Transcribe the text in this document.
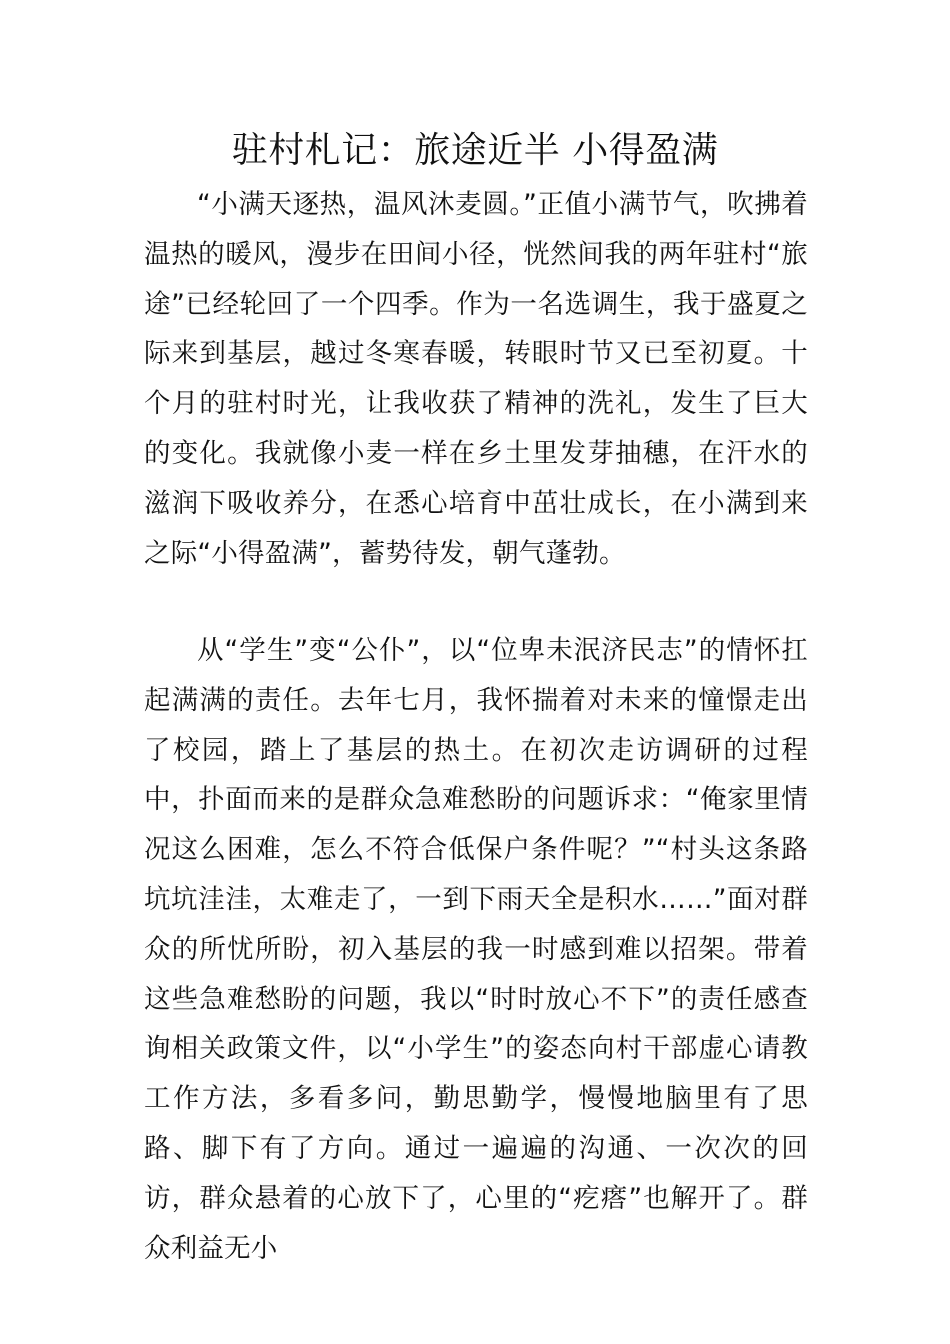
驻村札记：旅途近半 小得盈满

“小满天逐热，温风沐麦圆。”正值小满节气，吹拂着温热的暖风，漫步在田间小径，恍然间我的两年驻村“旅途”已经轮回了一个四季。作为一名选调生，我于盛夏之际来到基层，越过冬寒春暖，转眼时节又已至初夏。十个月的驻村时光，让我收获了精神的洗礼，发生了巨大的变化。我就像小麦一样在乡土里发芽抽穗，在汗水的滋润下吸收养分，在悉心培育中茁壮成长，在小满到来之际“小得盈满”，蓄势待发，朝气蓬勃。

从“学生”变“公仆”，以“位卑未泯济民志”的情怀扛起满满的责任。去年七月，我怀揣着对未来的憧憬走出了校园，踏上了基层的热土。在初次走访调研的过程中，扑面而来的是群众急难愁盼的问题诉求：“俺家里情况这么困难，怎么不符合低保户条件呢？”“村头这条路坑坑洼洼，太难走了，一到下雨天全是积水……”面对群众的所忧所盼，初入基层的我一时感到难以招架。带着这些急难愁盼的问题，我以“时时放心不下”的责任感查询相关政策文件，以“小学生”的姿态向村干部虚心请教工作方法，多看多问，勤思勤学，慢慢地脑里有了思路、脚下有了方向。通过一遍遍的沟通、一次次的回访，群众悬着的心放下了，心里的“疙瘩”也解开了。群众利益无小
